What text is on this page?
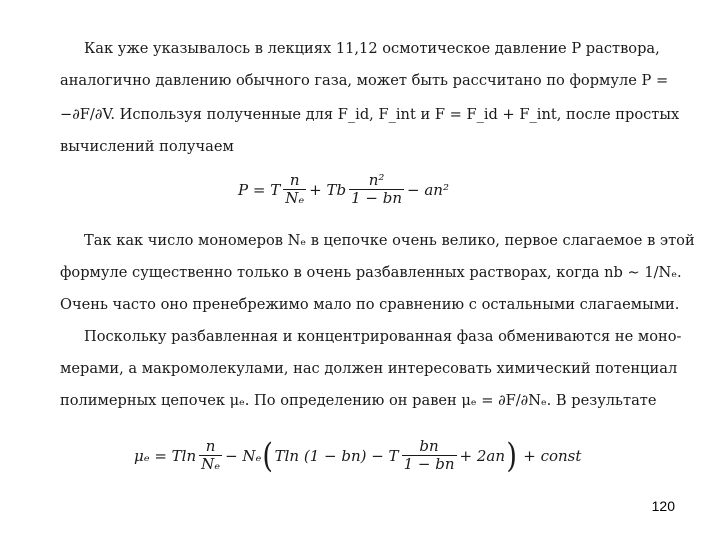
Как уже указывалось в лекциях 11,12 осмотическое давление P раствора,
аналогично давлению обычного газа, может быть рассчитано по формуле P =
−∂F/∂V. Используя полученные для F_id, F_int и F = F_id + F_int, после простых
вычислений получаем
P = T $\frac{n}{\text{Nₑ}} + Tb \frac{\text{n²}}{1 - bn} - an^2$
Так как число мономеров Nₑ в цепочке очень велико, первое слагаемое в этой
формуле существенно только в очень разбавленных растворах, когда nb ∼ 1/Nₑ.
Очень часто оно пренебрежимо мало по сравнению с остальными слагаемыми.
Поскольку разбавленная и концентрированная фаза обмениваются не моно-
мерами, а макромолекулами, нас должен интересовать химический потенциал
полимерных цепочек μₑ. По определению он равен μₑ = ∂F/∂Nₑ. В результате
μₑ = Tln $\frac{n}{\text{Nₑ}} - N_e$ ( Tln (1 − bn) − T $\frac{bn}{1 - bn} + 2an$ ) + const
120
